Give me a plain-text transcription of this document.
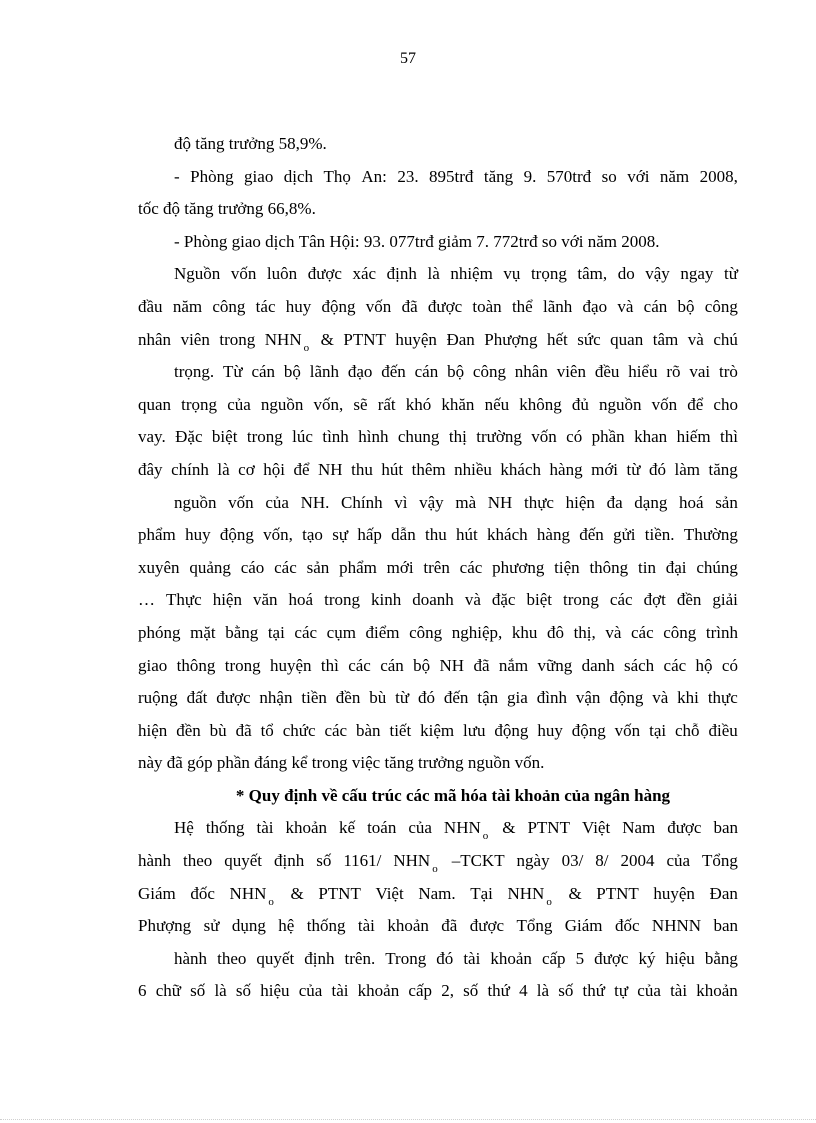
57
độ tăng trưởng 58,9%.
- Phòng giao dịch Thọ An: 23. 895trđ tăng 9. 570trđ so với năm 2008,
tốc độ tăng trưởng 66,8%.
- Phòng giao dịch Tân Hội: 93. 077trđ giảm 7. 772trđ so với năm 2008.
Nguồn vốn luôn được xác định là nhiệm vụ trọng tâm, do vậy ngay từ
đầu năm công tác huy động vốn đã được toàn thể lãnh đạo và cán bộ công
nhân viên trong NHN $_o$ & PTNT huyện Đan Phượng hết sức quan tâm và chú
trọng. Từ cán bộ lãnh đạo đến cán bộ công nhân viên đều hiểu rõ vai trò
quan trọng của nguồn vốn, sẽ rất khó khăn nếu không đủ nguồn vốn để cho
vay. Đặc biệt trong lúc tình hình chung thị trường vốn có phần khan hiếm thì
đây chính là cơ hội để NH thu hút thêm nhiều khách hàng mới từ đó làm tăng
nguồn vốn của NH. Chính vì vậy mà NH thực hiện đa dạng hoá sản
phẩm huy động vốn, tạo sự hấp dẫn thu hút khách hàng đến gửi tiền. Thường
xuyên quảng cáo các sản phẩm mới trên các phương tiện thông tin đại chúng
… Thực hiện văn hoá trong kinh doanh và đặc biệt trong các đợt đền giải
phóng mặt bằng tại các cụm điểm công nghiệp, khu đô thị, và các công trình
giao thông trong huyện thì các cán bộ NH đã nắm vững danh sách các hộ có
ruộng đất được nhận tiền đền bù từ đó đến tận gia đình vận động và khi thực
hiện đền bù đã tổ chức các bàn tiết kiệm lưu động huy động vốn tại chỗ điều
này đã góp phần đáng kể trong việc tăng trưởng nguồn vốn.
* Quy định về cấu trúc các mã hóa tài khoản của ngân hàng
Hệ thống tài khoản kế toán của NHN $_o$ & PTNT Việt Nam được ban
hành theo quyết định số 1161/ NHN $_o$ –TCKT ngày 03/ 8/ 2004 của Tổng
Giám đốc NHN $_o$ & PTNT Việt Nam. Tại NHN $_o$ & PTNT huyện Đan
Phượng sử dụng hệ thống tài khoản đã được Tổng Giám đốc NHNN ban
hành theo quyết định trên. Trong đó tài khoản cấp 5 được ký hiệu bằng
6 chữ số là số hiệu của tài khoản cấp 2, số thứ 4 là số thứ tự của tài khoản
